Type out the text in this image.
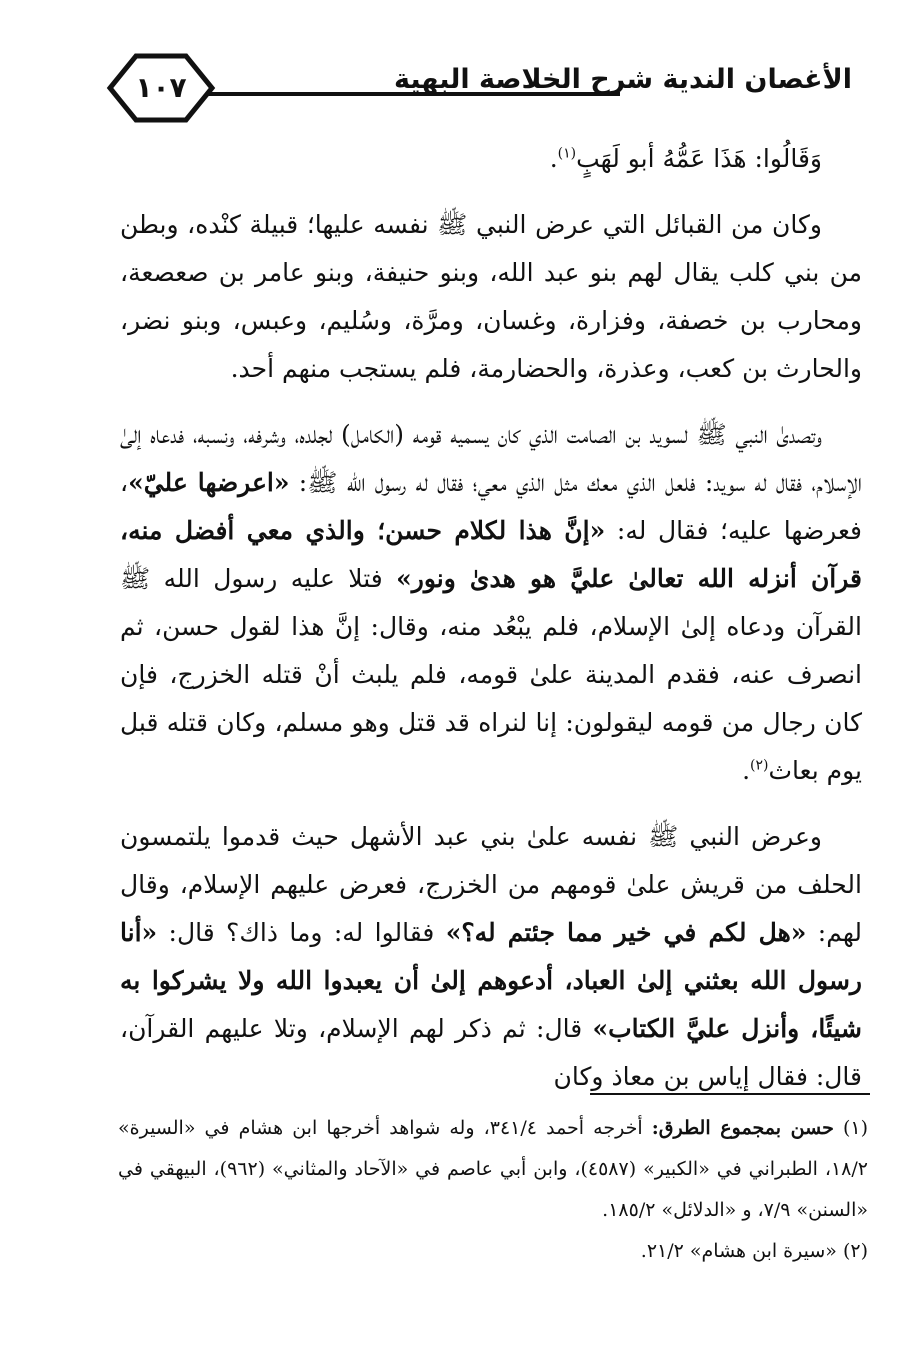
١٠٧	الأغصان الندية شرح الخلاصة البهية

وَقَالُوا: هَذَا عَمُّهُ أبو لَهَبٍ$^{(١)}$.

وكان من القبائل التي عرض النبي ﷺ نفسه عليها؛ قبيلة كنْده، وبطن من بني كلب يقال لهم بنو عبد الله، وبنو حنيفة، وبنو عامر بن صعصعة، ومحارب بن خصفة، وفزارة، وغسان، ومرَّة، وسُليم، وعبس، وبنو نضر، والحارث بن كعب، وعذرة، والحضارمة، فلم يستجب منهم أحد.

وتصدىٰ النبي ﷺ لسويد بن الصامت الذي كان يسميه قومه (الكامل) لجلده، وشرفه، ونسبه، فدعاه إلىٰ الإسلام، فقال له سويد: فلعل الذي معك مثل الذي معي؛ فقال له رسول الله ﷺ: «اعرضها عليّ»، فعرضها عليه؛ فقال له: «إنَّ هذا لكلام حسن؛ والذي معي أفضل منه، قرآن أنزله الله تعالىٰ عليَّ هو هدىٰ ونور» فتلا عليه رسول الله ﷺ القرآن ودعاه إلىٰ الإسلام، فلم يبْعُد منه، وقال: إنَّ هذا لقول حسن، ثم انصرف عنه، فقدم المدينة علىٰ قومه، فلم يلبث أنْ قتله الخزرج، فإن كان رجال من قومه ليقولون: إنا لنراه قد قتل وهو مسلم، وكان قتله قبل يوم بعاث$^{(٢)}$.

وعرض النبي ﷺ نفسه علىٰ بني عبد الأشهل حيث قدموا يلتمسون الحلف من قريش علىٰ قومهم من الخزرج، فعرض عليهم الإسلام، وقال لهم: «هل لكم في خير مما جئتم له؟» فقالوا له: وما ذاك؟ قال: «أنا رسول الله بعثني إلىٰ العباد، أدعوهم إلىٰ أن يعبدوا الله ولا يشركوا به شيئًا، وأنزل عليَّ الكتاب» قال: ثم ذكر لهم الإسلام، وتلا عليهم القرآن، قال: فقال إياس بن معاذ وكان

(١) حسن بمجموع الطرق: أخرجه أحمد ٣٤١/٤، وله شواهد أخرجها ابن هشام في «السيرة» ١٨/٢، الطبراني في «الكبير» (٤٥٨٧)، وابن أبي عاصم في «الآحاد والمثاني» (٩٦٢)، البيهقي في «السنن» ٧/٩، و «الدلائل» ١٨٥/٢.

(٢) «سيرة ابن هشام» ٢١/٢.
